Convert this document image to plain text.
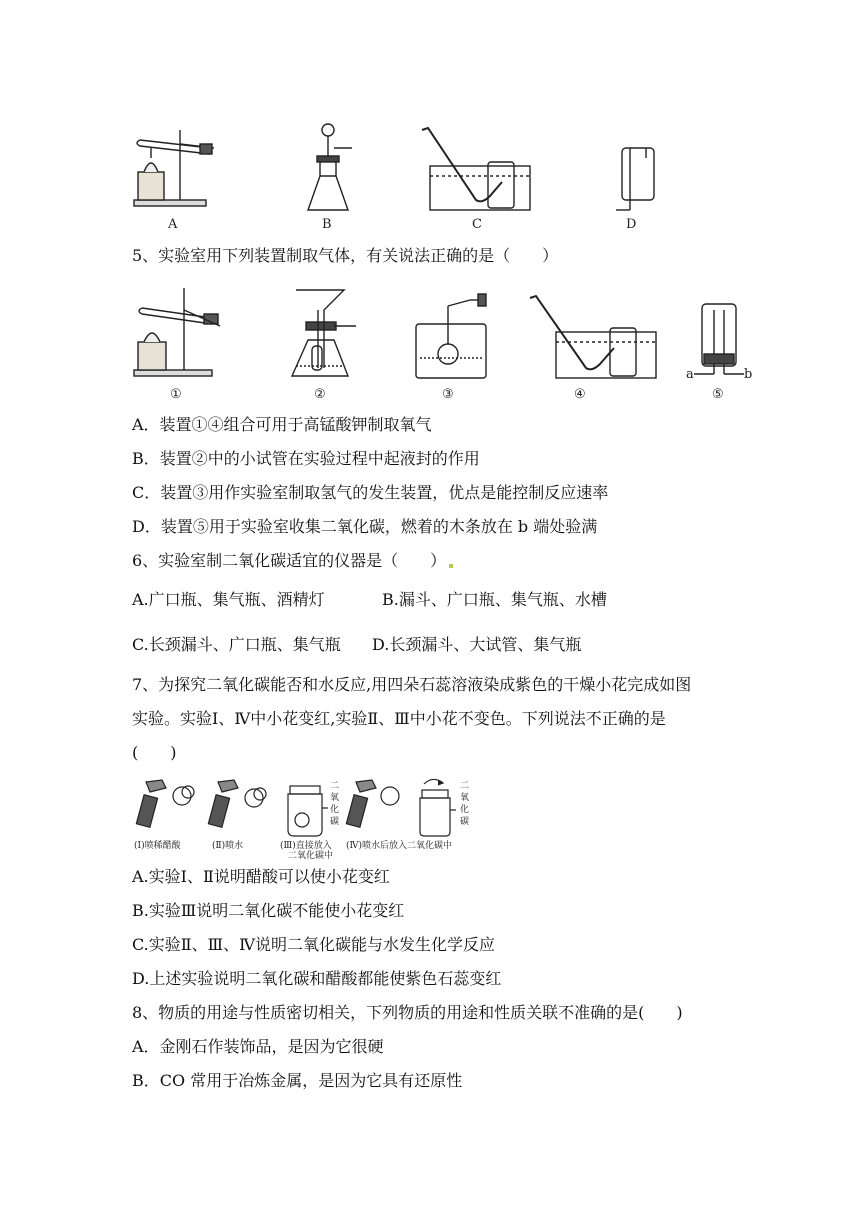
A	B	C	D
5、实验室用下列装置制取气体，有关说法正确的是（　　）
①	②	③	④	⑤
a	b
A．装置①④组合可用于高锰酸钾制取氧气
B．装置②中的小试管在实验过程中起液封的作用
C．装置③用作实验室制取氢气的发生装置，优点是能控制反应速率
D．装置⑤用于实验室收集二氧化碳，燃着的木条放在 b 端处验满
6、实验室制二氧化碳适宜的仪器是（　　）
A.广口瓶、集气瓶、酒精灯	B.漏斗、广口瓶、集气瓶、水槽
C.长颈漏斗、广口瓶、集气瓶 D.长颈漏斗、大试管、集气瓶
7、为探究二氧化碳能否和水反应,用四朵石蕊溶液染成紫色的干燥小花完成如图
实验。实验Ⅰ、Ⅳ中小花变红,实验Ⅱ、Ⅲ中小花不变色。下列说法不正确的是
(　　)
二
氧
化
碳
二
氧
化
碳
(Ⅰ)喷稀醋酸	(Ⅱ)喷水	(Ⅲ)直接放入
二氧化碳中
(Ⅳ)喷水后放入二氧化碳中
A.实验Ⅰ、Ⅱ说明醋酸可以使小花变红
B.实验Ⅲ说明二氧化碳不能使小花变红
C.实验Ⅱ、Ⅲ、Ⅳ说明二氧化碳能与水发生化学反应
D.上述实验说明二氧化碳和醋酸都能使紫色石蕊变红
8、物质的用途与性质密切相关，下列物质的用途和性质关联不准确的是(　　)
A．金刚石作装饰品，是因为它很硬
B．CO 常用于冶炼金属，是因为它具有还原性
